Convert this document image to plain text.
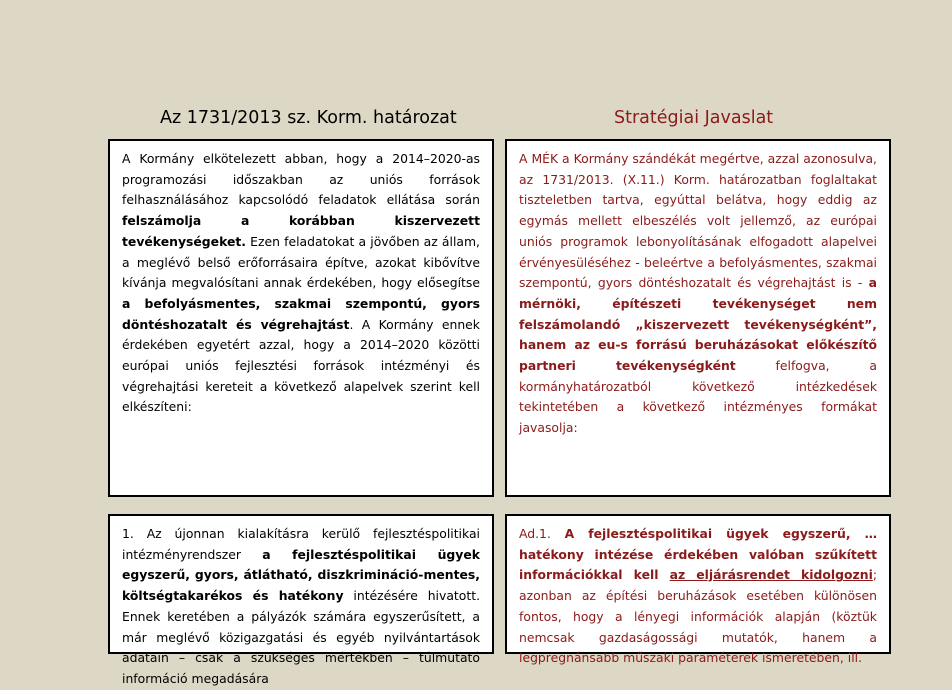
Az 1731/2013 sz. Korm. határozat	Stratégiai Javaslat

A Kormány elkötelezett abban, hogy a 2014–2020-as programozási időszakban az uniós források felhasználásához kapcsolódó feladatok ellátása során felszámolja a korábban kiszervezett tevékenységeket. Ezen feladatokat a jövőben az állam, a meglévő belső erőforrásaira építve, azokat kibővítve kívánja megvalósítani annak érdekében, hogy elősegítse a befolyásmentes, szakmai szempontú, gyors döntéshozatalt és végrehajtást. A Kormány ennek érdekében egyetért azzal, hogy a 2014–2020 közötti európai uniós fejlesztési források intézményi és végrehajtási kereteit a következő alapelvek szerint kell elkészíteni:

A MÉK a Kormány szándékát megértve, azzal azonosulva, az 1731/2013. (X.11.) Korm. határozatban foglaltakat tiszteletben tartva, egyúttal belátva, hogy eddig az egymás mellett elbeszélés volt jellemző, az európai uniós programok lebonyolításának elfogadott alapelvei érvényesüléséhez - beleértve a befolyásmentes, szakmai szempontú, gyors döntéshozatalt és végrehajtást is - a mérnöki, építészeti tevékenységet nem felszámolandó „kiszervezett tevékenységként”, hanem az eu-s forrású beruházásokat előkészítő partneri tevékenységként felfogva, a kormányhatározatból következő intézkedések tekintetében a következő intézményes formákat javasolja:

1. Az újonnan kialakításra kerülő fejlesztéspolitikai intézményrendszer a fejlesztéspolitikai ügyek egyszerű, gyors, átlátható, diszkrimináció-mentes, költségtakarékos és hatékony intézésére hivatott. Ennek keretében a pályázók számára egyszerűsített, a már meglévő közigazgatási és egyéb nyilvántartások adatain – csak a szükséges mértékben – túlmutató információ megadására

Ad.1. A fejlesztéspolitikai ügyek egyszerű, …hatékony intézése érdekében valóban szűkített információkkal kell az eljárásrendet kidolgozni; azonban az építési beruházások esetében különösen fontos, hogy a lényegi információk alapján (köztük nemcsak gazdaságossági mutatók, hanem a legpregnánsabb műszaki paraméterek ismeretében, ill.
